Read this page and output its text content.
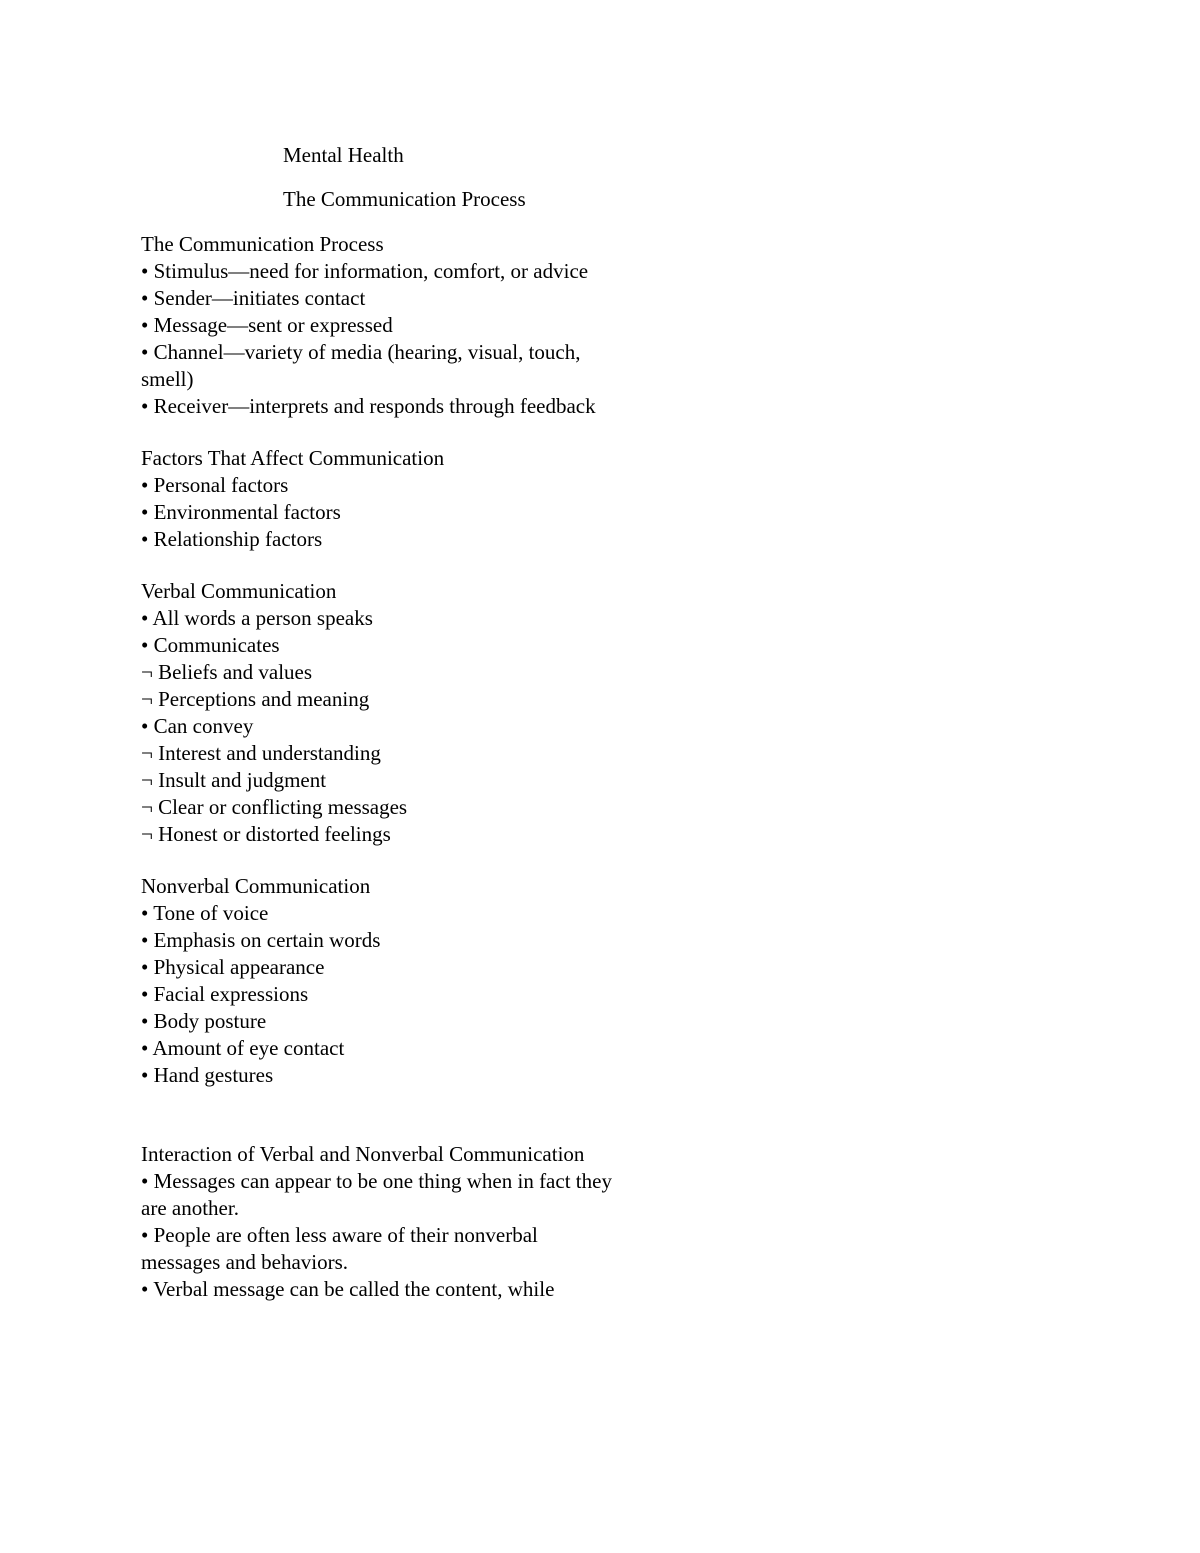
Mental Health
The Communication Process

The Communication Process

• Stimulus—need for information, comfort, or advice

• Sender—initiates contact

• Message—sent or expressed

• Channel—variety of media (hearing, visual, touch, smell)

• Receiver—interprets and responds through feedback

Factors That Affect Communication

• Personal factors

• Environmental factors

• Relationship factors

Verbal Communication

• All words a person speaks

• Communicates

¬ Beliefs and values

¬ Perceptions and meaning

• Can convey

¬ Interest and understanding

¬ Insult and judgment

¬ Clear or conflicting messages

¬ Honest or distorted feelings

Nonverbal Communication

• Tone of voice

• Emphasis on certain words

• Physical appearance

• Facial expressions

• Body posture

• Amount of eye contact

• Hand gestures

Interaction of Verbal and Nonverbal Communication

• Messages can appear to be one thing when in fact they are another.

• People are often less aware of their nonverbal messages and behaviors.

• Verbal message can be called the content, while
